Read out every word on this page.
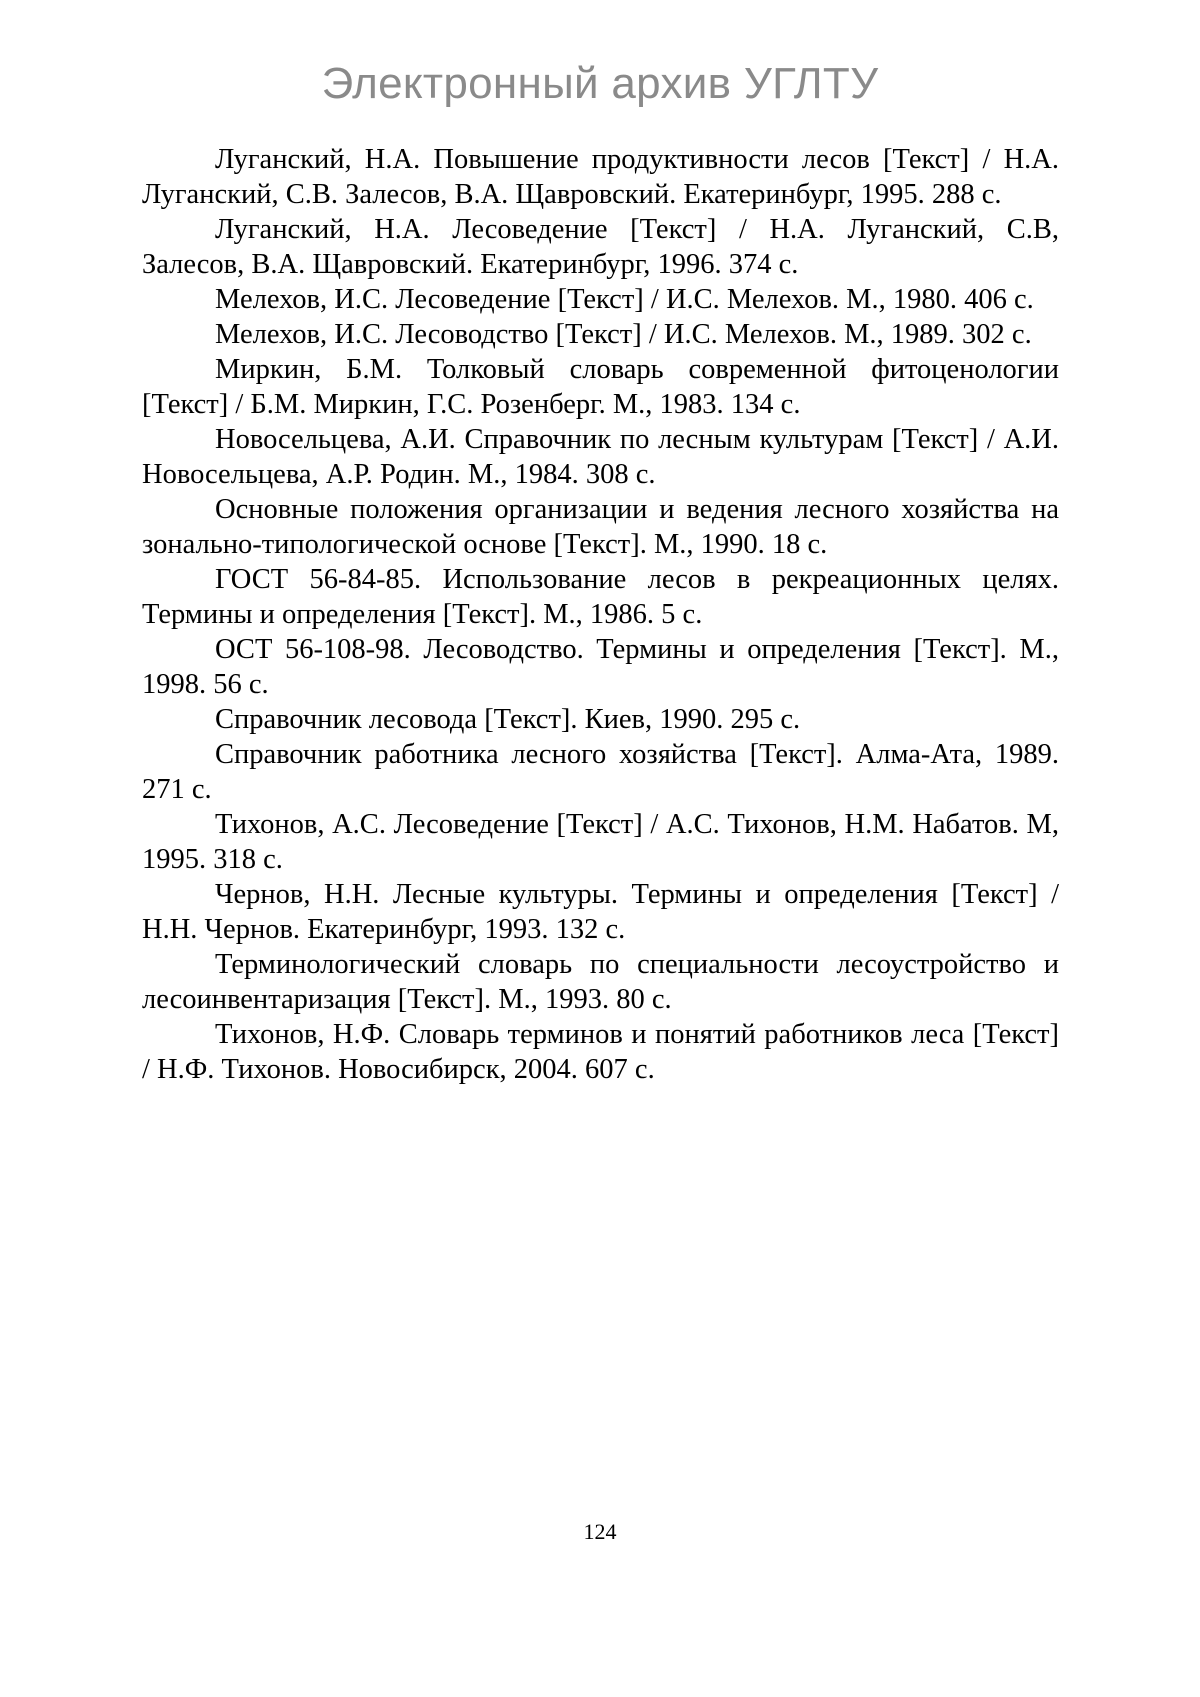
Электронный архив УГЛТУ

Луганский, Н.А. Повышение продуктивности лесов [Текст] / Н.А. Луганский, С.В. Залесов, В.А. Щавровский. Екатеринбург, 1995. 288 с.

Луганский, Н.А. Лесоведение [Текст] / Н.А. Луганский, С.В, Залесов, В.А. Щавровский. Екатеринбург, 1996. 374 с.

Мелехов, И.С. Лесоведение [Текст] / И.С. Мелехов. М., 1980. 406 с.

Мелехов, И.С. Лесоводство [Текст] / И.С. Мелехов. М., 1989. 302 с.

Миркин, Б.М. Толковый словарь современной фитоценологии [Текст] / Б.М. Миркин, Г.С. Розенберг. М., 1983. 134 с.

Новосельцева, А.И. Справочник по лесным культурам [Текст] / А.И. Новосельцева, А.Р. Родин. М., 1984. 308 с.

Основные положения организации и ведения лесного хозяйства на зонально-типологической основе [Текст]. М., 1990. 18 с.

ГОСТ 56-84-85. Использование лесов в рекреационных целях. Термины и определения [Текст]. М., 1986. 5 с.

ОСТ 56-108-98. Лесоводство. Термины и определения [Текст]. М., 1998. 56 с.

Справочник лесовода [Текст]. Киев, 1990. 295 с.

Справочник работника лесного хозяйства [Текст]. Алма-Ата, 1989. 271 с.

Тихонов, А.С. Лесоведение [Текст] / А.С. Тихонов, Н.М. Набатов. М, 1995. 318 с.

Чернов, Н.Н. Лесные культуры. Термины и определения [Текст] / Н.Н. Чернов. Екатеринбург, 1993. 132 с.

Терминологический словарь по специальности лесоустройство и лесоинвентаризация [Текст]. М., 1993. 80 с.

Тихонов, Н.Ф. Словарь терминов и понятий работников леса [Текст] / Н.Ф. Тихонов. Новосибирск, 2004. 607 с.

124
